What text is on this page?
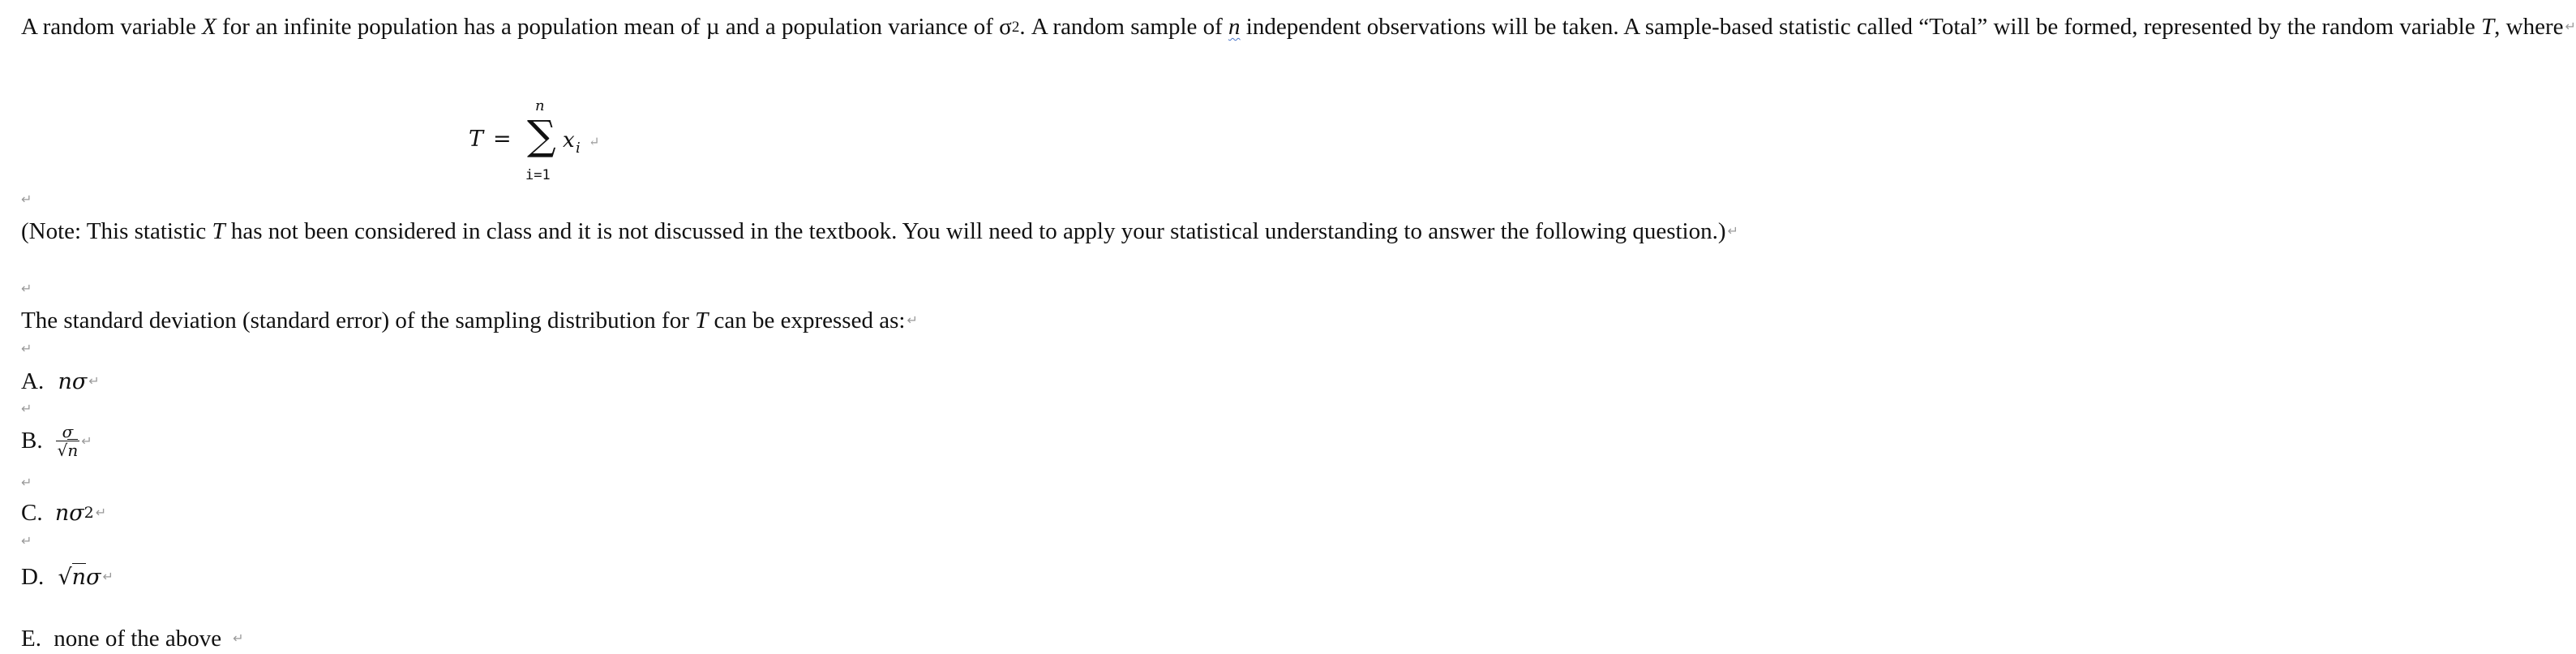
A random variable X for an infinite population has a population mean of µ and a population variance of $\sigma^2$. A random sample of n independent observations will be taken. A sample-based statistic called “Total” will be formed, represented by the random variable T, where ↵
T =
n
∑
i=1
x i ↵
↵
(Note: This statistic T has not been considered in class and it is not discussed in the textbook. You will need to apply your statistical understanding to answer the following question.) ↵
↵
The standard deviation (standard error) of the sampling distribution for T can be expressed as: ↵
↵
A. nσ ↵
↵
B. $\frac{\sigma}{√n}$ ↵
↵
C. $n\sigma^2$ ↵
↵
D. √nσ ↵
E. none of the above ↵
